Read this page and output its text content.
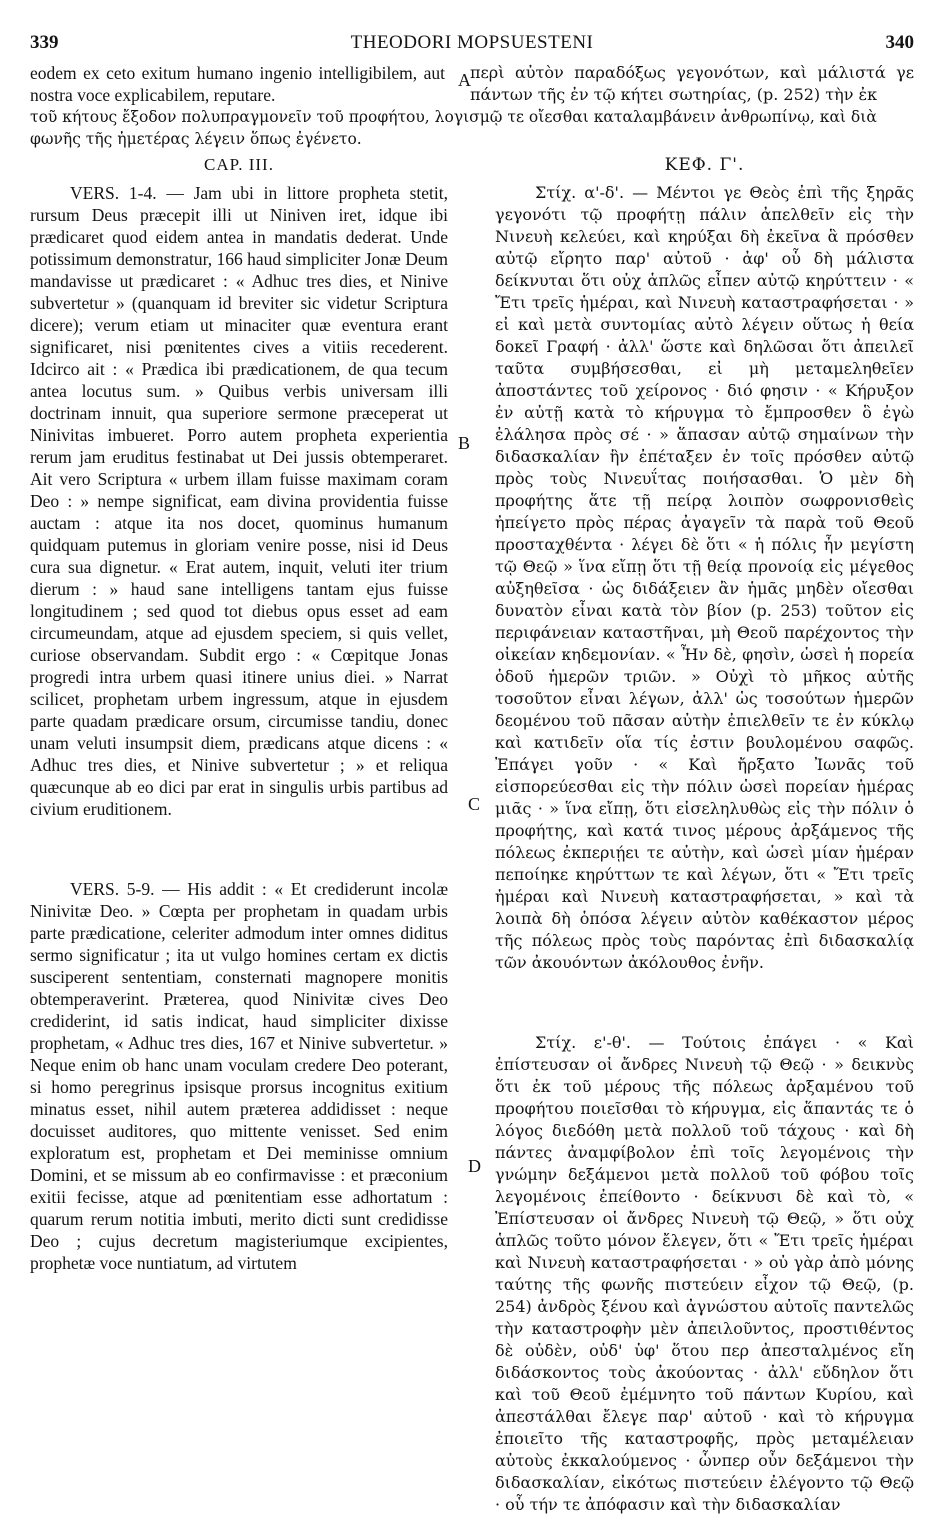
339	THEODORI MOPSUESTENI	340
eodem ex ceto exitum humano ingenio intelligibilem, aut nostra voce explicabilem, reputare.
περὶ αὐτὸν παραδόξως γεγονότων, καὶ μάλιστά γε πάντων τῆς ἐν τῷ κήτει σωτηρίας, (p. 252) τὴν ἐκ
τοῦ κήτους ἔξοδον πολυπραγμονεῖν τοῦ προφήτου, λογισμῷ τε οἴεσθαι καταλαμβάνειν ἀνθρωπίνῳ, καὶ διὰ φωνῆς τῆς ἡμετέρας λέγειν ὅπως ἐγένετο.
CAP. III.

VERS. 1-4. — Jam ubi in littore propheta stetit, rursum Deus præcepit illi ut Niniven iret, idque ibi prædicaret quod eidem antea in mandatis dederat. Unde potissimum demonstratur, 166 haud simpliciter Jonæ Deum mandavisse ut prædicaret : « Adhuc tres dies, et Ninive subvertetur » (quanquam id breviter sic videtur Scriptura dicere); verum etiam ut minaciter quæ eventura erant significaret, nisi pœnitentes cives a vitiis recederent. Idcirco ait : « Prædica ibi prædicationem, de qua tecum antea locutus sum. » Quibus verbis universam illi doctrinam innuit, qua superiore sermone præceperat ut Ninivitas imbueret. Porro autem propheta experientia rerum jam eruditus festinabat ut Dei jussis obtemperaret. Ait vero Scriptura « urbem illam fuisse maximam coram Deo : » nempe significat, eam divina providentia fuisse auctam : atque ita nos docet, quominus humanum quidquam putemus in gloriam venire posse, nisi id Deus cura sua dignetur. « Erat autem, inquit, veluti iter trium dierum : » haud sane intelligens tantam ejus fuisse longitudinem ; sed quod tot diebus opus esset ad eam circumeundam, atque ad ejusdem speciem, si quis vellet, curiose observandam. Subdit ergo : « Cœpitque Jonas progredi intra urbem quasi itinere unius diei. » Narrat scilicet, prophetam urbem ingressum, atque in ejusdem parte quadam prædicare orsum, circumisse tandiu, donec unam veluti insumpsit diem, prædicans atque dicens : « Adhuc tres dies, et Ninive subvertetur ; » et reliqua quæcunque ab eo dici par erat in singulis urbis partibus ad civium eruditionem.

VERS. 5-9. — His addit : « Et crediderunt incolæ Ninivitæ Deo. » Cœpta per prophetam in quadam urbis parte prædicatione, celeriter admodum inter omnes diditus sermo significatur ; ita ut vulgo homines certam ex dictis susciperent sententiam, consternati magnopere monitis obtemperaverint. Præterea, quod Ninivitæ cives Deo crediderint, id satis indicat, haud simpliciter dixisse prophetam, « Adhuc tres dies, 167 et Ninive subvertetur. » Neque enim ob hanc unam voculam credere Deo poterant, si homo peregrinus ipsisque prorsus incognitus exitium minatus esset, nihil autem præterea addidisset : neque docuisset auditores, quo mittente venisset. Sed enim exploratum est, prophetam et Dei meminisse omnium Domini, et se missum ab eo confirmavisse : et præconium exitii fecisse, atque ad pœnitentiam esse adhortatum : quarum rerum notitia imbuti, merito dicti sunt credidisse Deo ; cujus decretum magisteriumque excipientes, prophetæ voce nuntiatum, ad virtutem

ΚΕΦ. Γ'.

Στίχ. α'-δ'. — Μέντοι γε Θεὸς ἐπὶ τῆς ξηρᾶς γεγονότι τῷ προφήτῃ πάλιν ἀπελθεῖν εἰς τὴν Νινευὴ κελεύει, καὶ κηρύξαι δὴ ἐκεῖνα ἃ πρόσθεν αὐτῷ εἴρητο παρ' αὐτοῦ · ἀφ' οὗ δὴ μάλιστα δείκνυται ὅτι οὐχ ἁπλῶς εἶπεν αὐτῷ κηρύττειν · « Ἔτι τρεῖς ἡμέραι, καὶ Νινευὴ καταστραφήσεται · » εἰ καὶ μετὰ συντομίας αὐτὸ λέγειν οὕτως ἡ θεία δοκεῖ Γραφή · ἀλλ' ὥστε καὶ δηλῶσαι ὅτι ἀπειλεῖ ταῦτα συμβήσεσθαι, εἰ μὴ μεταμεληθεῖεν ἀποστάντες τοῦ χείρονος · διό φησιν · « Κήρυξον ἐν αὐτῇ κατὰ τὸ κήρυγμα τὸ ἔμπροσθεν ὃ ἐγὼ ἐλάλησα πρὸς σέ · » ἅπασαν αὐτῷ σημαίνων τὴν διδασκαλίαν ἣν ἐπέταξεν ἐν τοῖς πρόσθεν αὐτῷ πρὸς τοὺς Νινευΐτας ποιήσασθαι. Ὁ μὲν δὴ προφήτης ἅτε τῇ πείρᾳ λοιπὸν σωφρονισθεὶς ἠπείγετο πρὸς πέρας ἀγαγεῖν τὰ παρὰ τοῦ Θεοῦ προσταχθέντα · λέγει δὲ ὅτι « ἡ πόλις ἦν μεγίστη τῷ Θεῷ » ἵνα εἴπῃ ὅτι τῇ θείᾳ προνοίᾳ εἰς μέγεθος αὐξηθεῖσα · ὡς διδάξειεν ἂν ἡμᾶς μηδὲν οἴεσθαι δυνατὸν εἶναι κατὰ τὸν βίον (p. 253) τοῦτον εἰς περιφάνειαν καταστῆναι, μὴ Θεοῦ παρέχοντος τὴν οἰκείαν κηδεμονίαν. « Ἦν δὲ, φησὶν, ὡσεὶ ἡ πορεία ὁδοῦ ἡμερῶν τριῶν. » Οὐχὶ τὸ μῆκος αὐτῆς τοσοῦτον εἶναι λέγων, ἀλλ' ὡς τοσούτων ἡμερῶν δεομένου τοῦ πᾶσαν αὐτὴν ἐπιελθεῖν τε ἐν κύκλῳ καὶ κατιδεῖν οἵα τίς ἐστιν βουλομένου σαφῶς. Ἐπάγει γοῦν · « Καὶ ἤρξατο Ἰωνᾶς τοῦ εἰσπορεύεσθαι εἰς τὴν πόλιν ὡσεὶ πορείαν ἡμέρας μιᾶς · » ἵνα εἴπῃ, ὅτι εἰσεληλυθὼς εἰς τὴν πόλιν ὁ προφήτης, καὶ κατά τινος μέρους ἀρξάμενος τῆς πόλεως ἐκπεριῄει τε αὐτὴν, καὶ ὡσεὶ μίαν ἡμέραν πεποίηκε κηρύττων τε καὶ λέγων, ὅτι « Ἔτι τρεῖς ἡμέραι καὶ Νινευὴ καταστραφήσεται, » καὶ τὰ λοιπὰ δὴ ὁπόσα λέγειν αὐτὸν καθέκαστον μέρος τῆς πόλεως πρὸς τοὺς παρόντας ἐπὶ διδασκαλίᾳ τῶν ἀκουόντων ἀκόλουθος ἐνῆν.

Στίχ. ε'-θ'. — Τούτοις ἐπάγει · « Καὶ ἐπίστευσαν οἱ ἄνδρες Νινευὴ τῷ Θεῷ · » δεικνὺς ὅτι ἐκ τοῦ μέρους τῆς πόλεως ἀρξαμένου τοῦ προφήτου ποιεῖσθαι τὸ κήρυγμα, εἰς ἅπαντάς τε ὁ λόγος διεδόθη μετὰ πολλοῦ τοῦ τάχους · καὶ δὴ πάντες ἀναμφίβολον ἐπὶ τοῖς λεγομένοις τὴν γνώμην δεξάμενοι μετὰ πολλοῦ τοῦ φόβου τοῖς λεγομένοις ἐπείθοντο · δείκνυσι δὲ καὶ τὸ, « Ἐπίστευσαν οἱ ἄνδρες Νινευὴ τῷ Θεῷ, » ὅτι οὐχ ἁπλῶς τοῦτο μόνον ἔλεγεν, ὅτι « Ἔτι τρεῖς ἡμέραι καὶ Νινευὴ καταστραφήσεται · » οὐ γὰρ ἀπὸ μόνης ταύτης τῆς φωνῆς πιστεύειν εἶχον τῷ Θεῷ, (p. 254) ἀνδρὸς ξένου καὶ ἀγνώστου αὐτοῖς παντελῶς τὴν καταστροφὴν μὲν ἀπειλοῦντος, προστιθέντος δὲ οὐδὲν, οὐδ' ὑφ' ὅτου περ ἀπεσταλμένος εἴη διδάσκοντος τοὺς ἀκούοντας · ἀλλ' εὔδηλον ὅτι καὶ τοῦ Θεοῦ ἐμέμνητο τοῦ πάντων Κυρίου, καὶ ἀπεστάλθαι ἔλεγε παρ' αὐτοῦ · καὶ τὸ κήρυγμα ἐποιεῖτο τῆς καταστροφῆς, πρὸς μεταμέλειαν αὐτοὺς ἐκκαλούμενος · ὧνπερ οὖν δεξάμενοι τὴν διδασκαλίαν, εἰκότως πιστεύειν ἐλέγοντο τῷ Θεῷ · οὗ τήν τε ἀπόφασιν καὶ τὴν διδασκαλίαν

A
B
C
D
